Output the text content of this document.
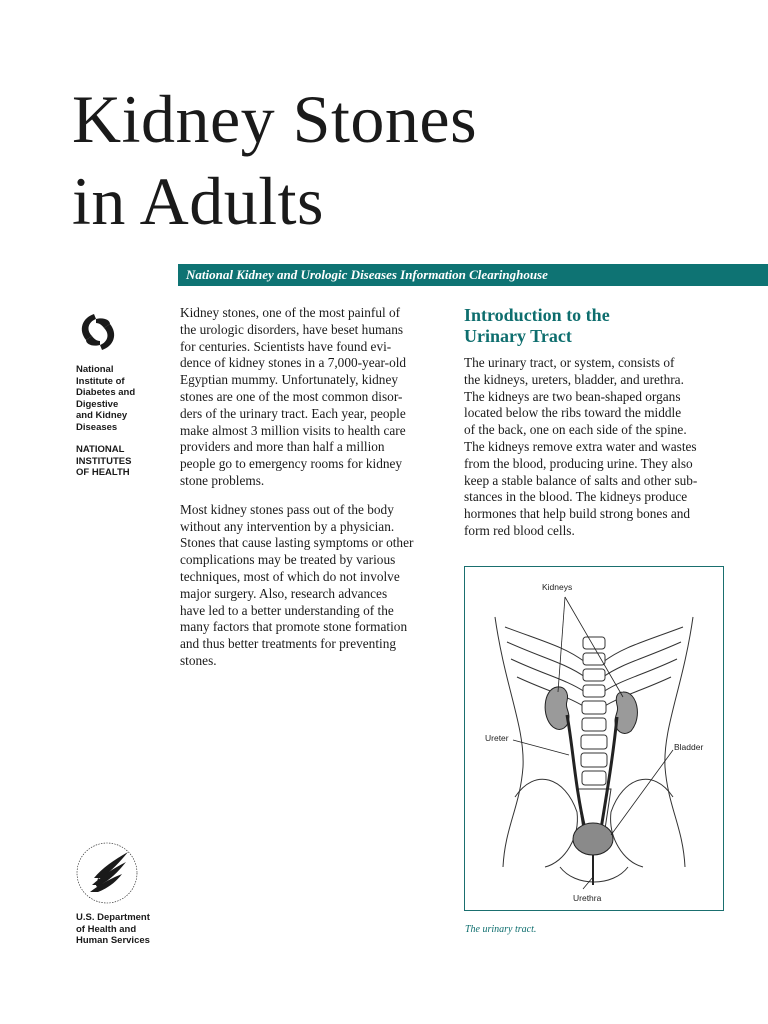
Kidney Stones
in Adults
National Kidney and Urologic Diseases Information Clearinghouse
National
Institute of
Diabetes and
Digestive
and Kidney
Diseases
NATIONAL
INSTITUTES
OF HEALTH

Kidney stones, one of the most painful of
the urologic disorders, have beset humans
for centuries. Scientists have found evi-
dence of kidney stones in a 7,000-year-old
Egyptian mummy. Unfortunately, kidney
stones are one of the most common disor-
ders of the urinary tract. Each year, people
make almost 3 million visits to health care
providers and more than half a million
people go to emergency rooms for kidney
stone problems.

Most kidney stones pass out of the body
without any intervention by a physician.
Stones that cause lasting symptoms or other
complications may be treated by various
techniques, most of which do not involve
major surgery. Also, research advances
have led to a better understanding of the
many factors that promote stone formation
and thus better treatments for preventing
stones.

Introduction to the
Urinary Tract

The urinary tract, or system, consists of
the kidneys, ureters, bladder, and urethra.
The kidneys are two bean-shaped organs
located below the ribs toward the middle
of the back, one on each side of the spine.
The kidneys remove extra water and wastes
from the blood, producing urine. They also
keep a stable balance of salts and other sub-
stances in the blood. The kidneys produce
hormones that help build strong bones and
form red blood cells.

Kidneys
Ureter
Bladder
Urethra
The urinary tract.
U.S. Department
of Health and
Human Services
